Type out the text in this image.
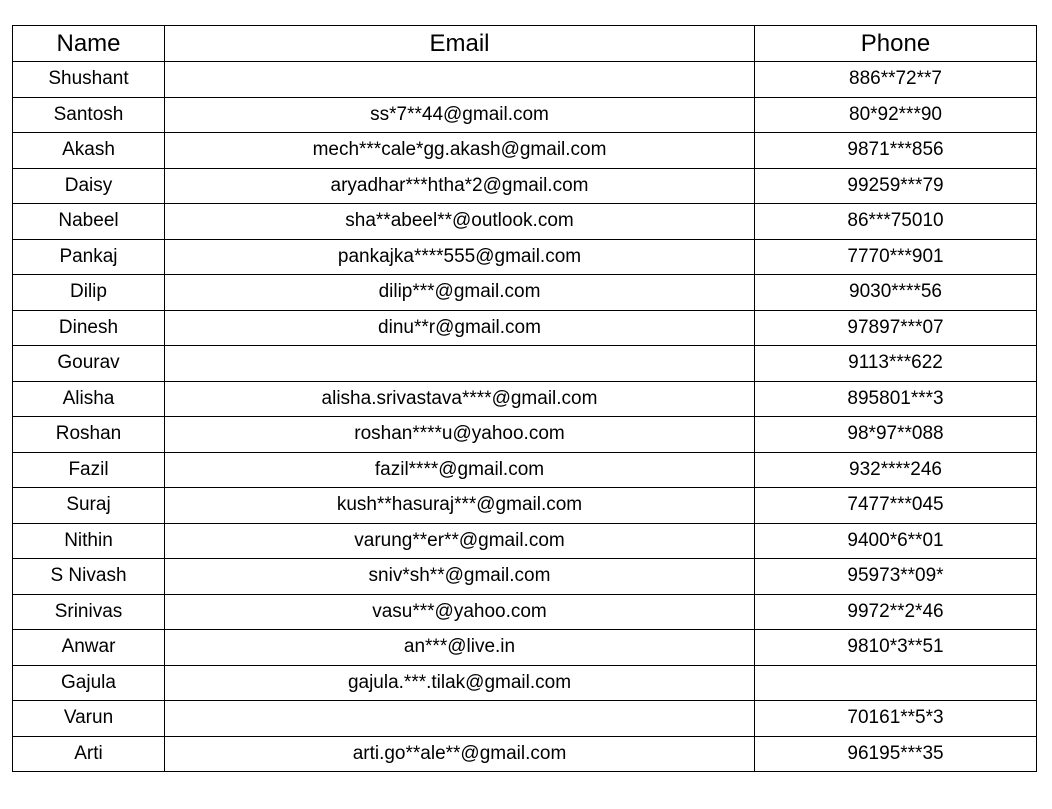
Name	Email	Phone
Shushant		886**72**7
Santosh	ss*7**44@gmail.com	80*92***90
Akash	mech***cale*gg.akash@gmail.com	9871***856
Daisy	aryadhar***htha*2@gmail.com	99259***79
Nabeel	sha**abeel**@outlook.com	86***75010
Pankaj	pankajka****555@gmail.com	7770***901
Dilip	dilip***@gmail.com	9030****56
Dinesh	dinu**r@gmail.com	97897***07
Gourav		9113***622
Alisha	alisha.srivastava****@gmail.com	895801***3
Roshan	roshan****u@yahoo.com	98*97**088
Fazil	fazil****@gmail.com	932****246
Suraj	kush**hasuraj***@gmail.com	7477***045
Nithin	varung**er**@gmail.com	9400*6**01
S Nivash	sniv*sh**@gmail.com	95973**09*
Srinivas	vasu***@yahoo.com	9972**2*46
Anwar	an***@live.in	9810*3**51
Gajula	gajula.***.tilak@gmail.com	
Varun		70161**5*3
Arti	arti.go**ale**@gmail.com	96195***35
